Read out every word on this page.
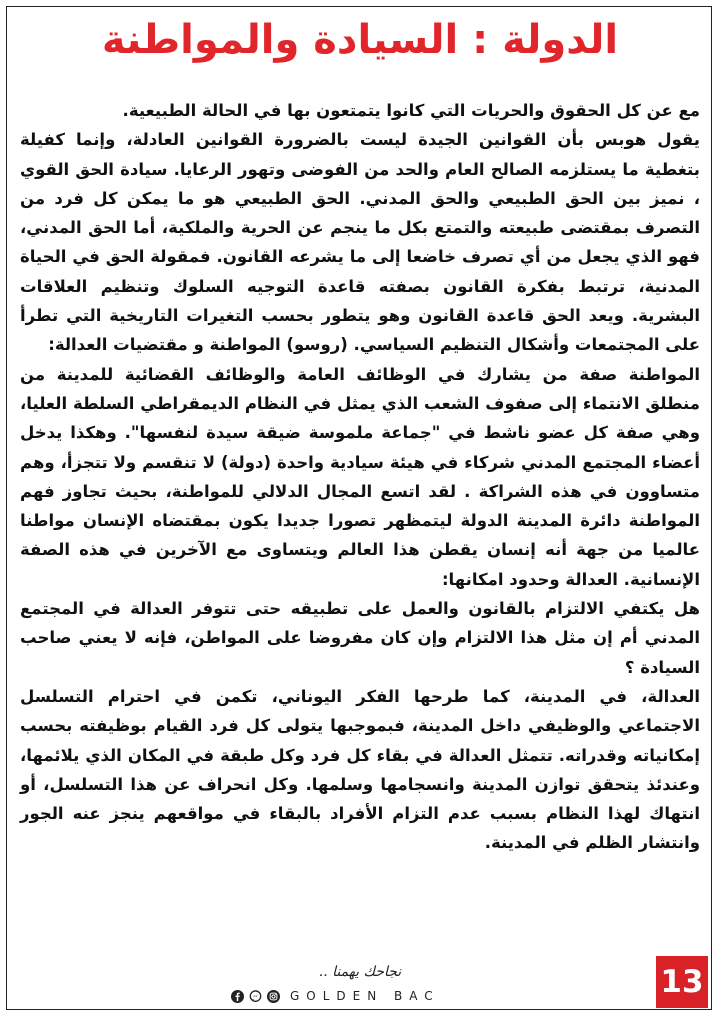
الدولة : السيادة والمواطنة

مع عن كل الحقوق والحريات التي كانوا يتمتعون بها في الحالة الطبيعية.

يقول هوبس بأن القوانين الجيدة ليست بالضرورة القوانين العادلة، وإنما كفيلة بتغطية ما يستلزمه الصالح العام والحد من الفوضى وتهور الرعايا. سيادة الحق القوي ، نميز بين الحق الطبيعي والحق المدني. الحق الطبيعي هو ما يمكن كل فرد من التصرف بمقتضى طبيعته والتمتع بكل ما ينجم عن الحرية والملكية، أما الحق المدني، فهو الذي يجعل من أي تصرف خاضعا إلى ما يشرعه القانون. فمقولة الحق في الحياة المدنية، ترتبط بفكرة القانون بصفته قاعدة التوجيه السلوك وتنظيم العلاقات البشرية. ويعد الحق قاعدة القانون وهو يتطور بحسب التغيرات التاريخية التي تطرأ على المجتمعات وأشكال التنظيم السياسي. (روسو) المواطنة و مقتضيات العدالة:

المواطنة صفة من يشارك في الوظائف العامة والوظائف القضائية للمدينة من منطلق الانتماء إلى صفوف الشعب الذي يمثل في النظام الديمقراطي السلطة العليا، وهي صفة كل عضو ناشط في "جماعة ملموسة ضيقة سيدة لنفسها". وهكذا يدخل أعضاء المجتمع المدني شركاء في هيئة سيادية واحدة (دولة) لا تنقسم ولا تتجزأ، وهم متساوون في هذه الشراكة . لقد اتسع المجال الدلالي للمواطنة، بحيث تجاوز فهم المواطنة دائرة المدينة الدولة ليتمظهر تصورا جديدا يكون بمقتضاه الإنسان مواطنا عالميا من جهة أنه إنسان يقطن هذا العالم ويتساوى مع الآخرين في هذه الصفة الإنسانية. العدالة وحدود امكانها:

هل يكتفي الالتزام بالقانون والعمل على تطبيقه حتى تتوفر العدالة في المجتمع المدني أم إن مثل هذا الالتزام وإن كان مفروضا على المواطن، فإنه لا يعني صاحب السيادة ؟

العدالة، في المدينة، كما طرحها الفكر اليوناني، تكمن في احترام التسلسل الاجتماعي والوظيفي داخل المدينة، فبموجبها يتولى كل فرد القيام بوظيفته بحسب إمكانياته وقدراته. تتمثل العدالة في بقاء كل فرد وكل طبقة في المكان الذي يلائمها، وعندئذ يتحقق توازن المدينة وانسجامها وسلمها. وكل انحراف عن هذا التسلسل، أو انتهاك لهذا النظام بسبب عدم التزام الأفراد بالبقاء في مواقعهم ينجز عنه الجور وانتشار الظلم في المدينة.

نجاحك يهمنا ..
GOLDEN BAC	13
